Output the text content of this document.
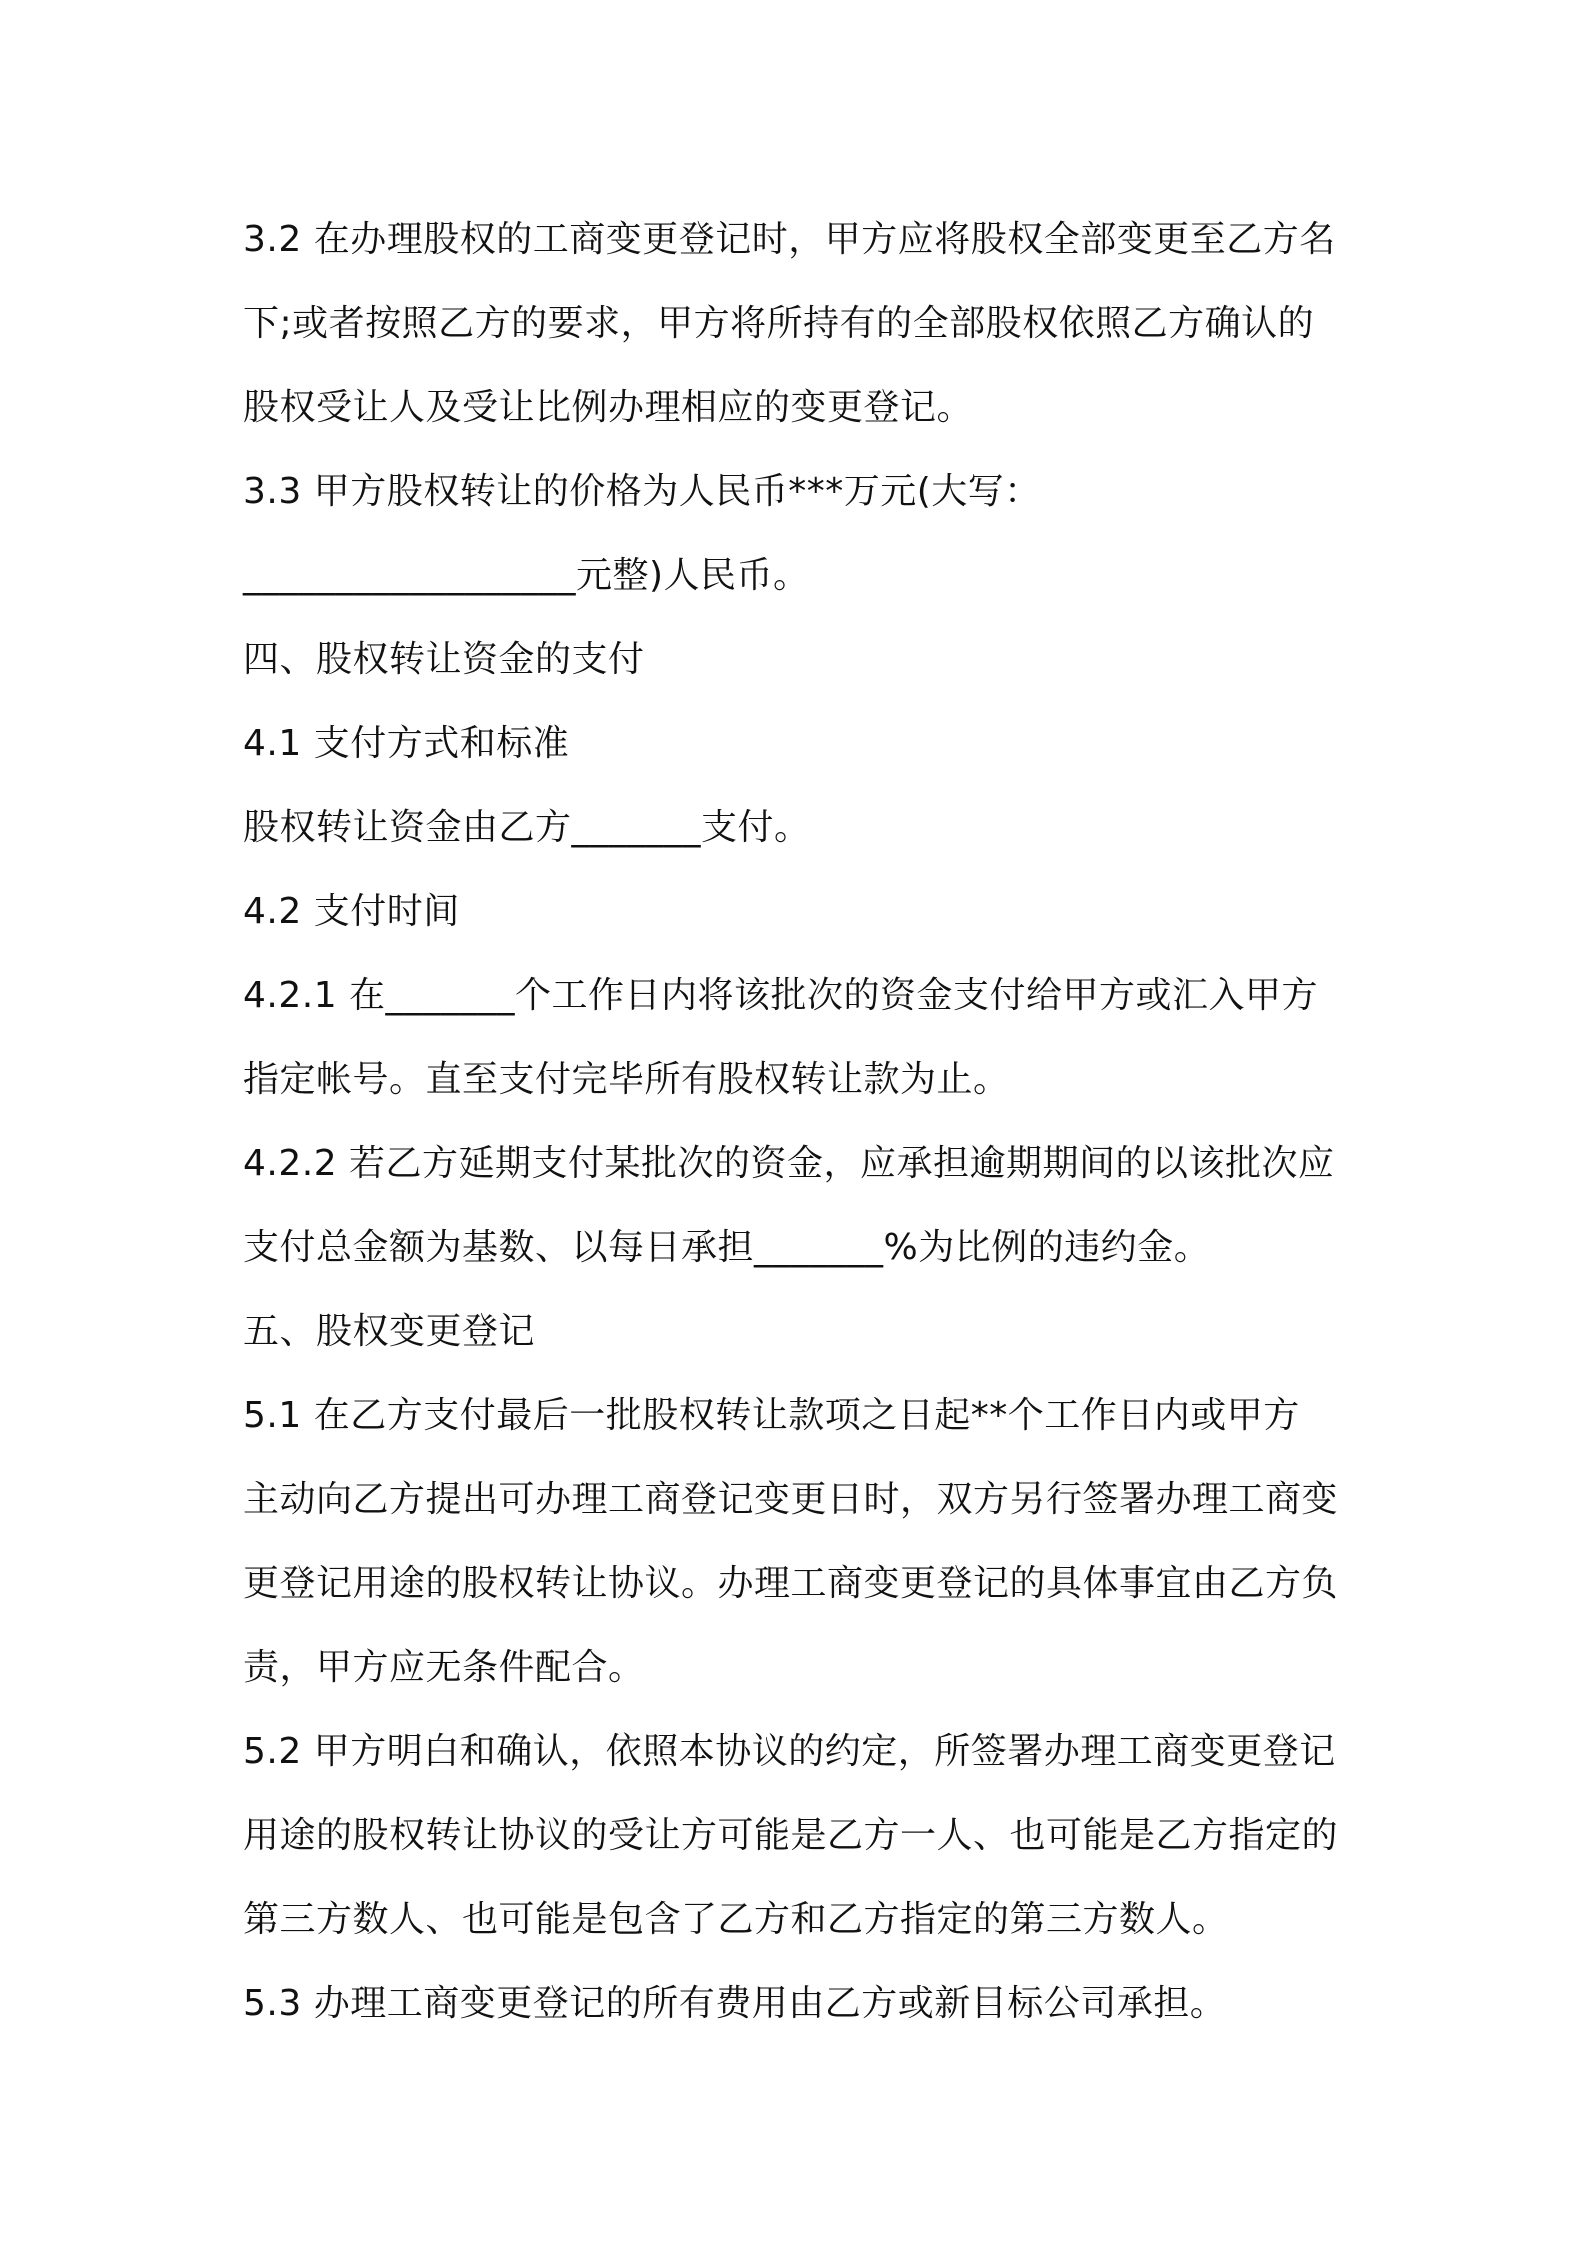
3.2 在办理股权的工商变更登记时，甲方应将股权全部变更至乙方名
下;或者按照乙方的要求，甲方将所持有的全部股权依照乙方确认的
股权受让人及受让比例办理相应的变更登记。
3.3 甲方股权转让的价格为人民币***万元(大写：
__________________元整)人民币。
四、股权转让资金的支付
4.1 支付方式和标准
股权转让资金由乙方_______支付。
4.2 支付时间
4.2.1 在_______个工作日内将该批次的资金支付给甲方或汇入甲方
指定帐号。直至支付完毕所有股权转让款为止。
4.2.2 若乙方延期支付某批次的资金，应承担逾期期间的以该批次应
支付总金额为基数、以每日承担_______%为比例的违约金。
五、股权变更登记
5.1 在乙方支付最后一批股权转让款项之日起**个工作日内或甲方
主动向乙方提出可办理工商登记变更日时，双方另行签署办理工商变
更登记用途的股权转让协议。办理工商变更登记的具体事宜由乙方负
责，甲方应无条件配合。
5.2 甲方明白和确认，依照本协议的约定，所签署办理工商变更登记
用途的股权转让协议的受让方可能是乙方一人、也可能是乙方指定的
第三方数人、也可能是包含了乙方和乙方指定的第三方数人。
5.3 办理工商变更登记的所有费用由乙方或新目标公司承担。
